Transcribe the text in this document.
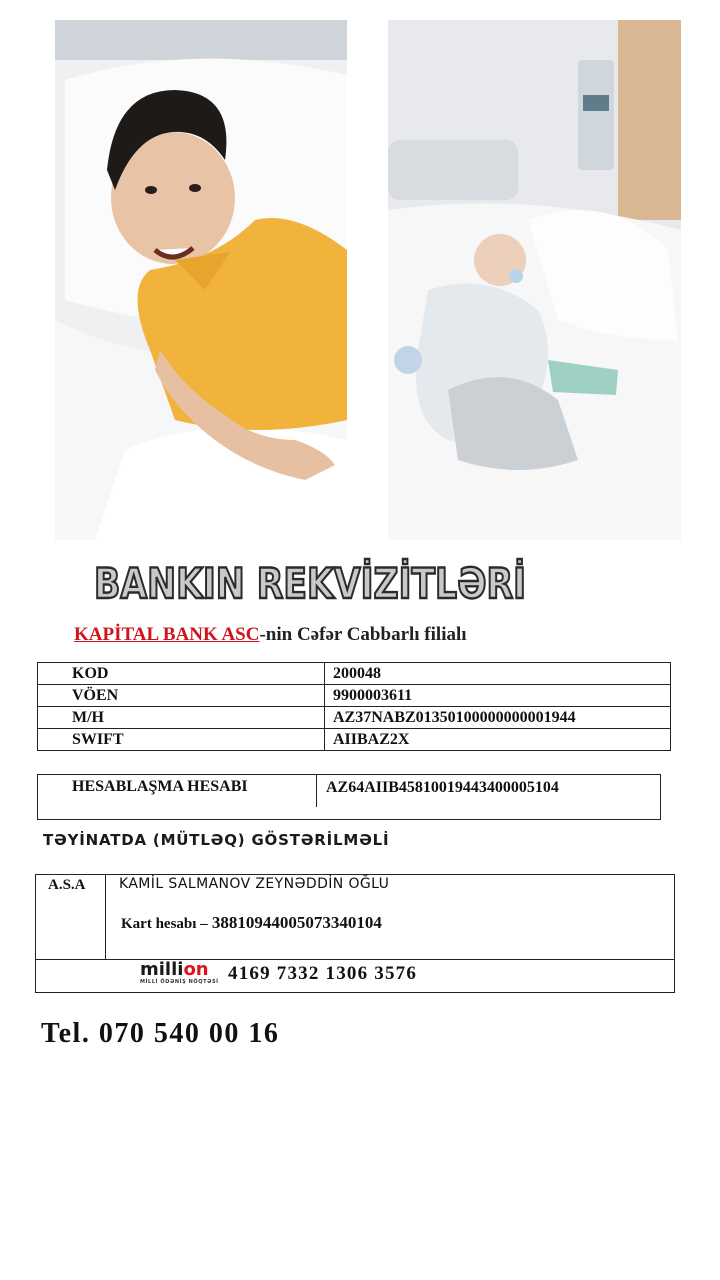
BANKIN REKVİZİTLƏRİ
KAPİTAL BANK ASC-nin Cəfər Cabbarlı filialı
KOD	200048
VÖEN	9900003611
M/H	AZ37NABZ01350100000000001944
SWIFT	AIIBAZ2X
HESABLAŞMA HESABI	AZ64AIIB45810019443400005104
TƏYİNATDA (MÜTLƏQ) GÖSTƏRİLMƏLİ
A.S.A KAMİL SALMANOV ZEYNƏDDİN OĞLU
Kart hesabı – 38810944005073340104
million
MİLLİ ÖDƏNİŞ NÖQTƏSİ 4169 7332 1306 3576
Tel. 070 540 00 16
